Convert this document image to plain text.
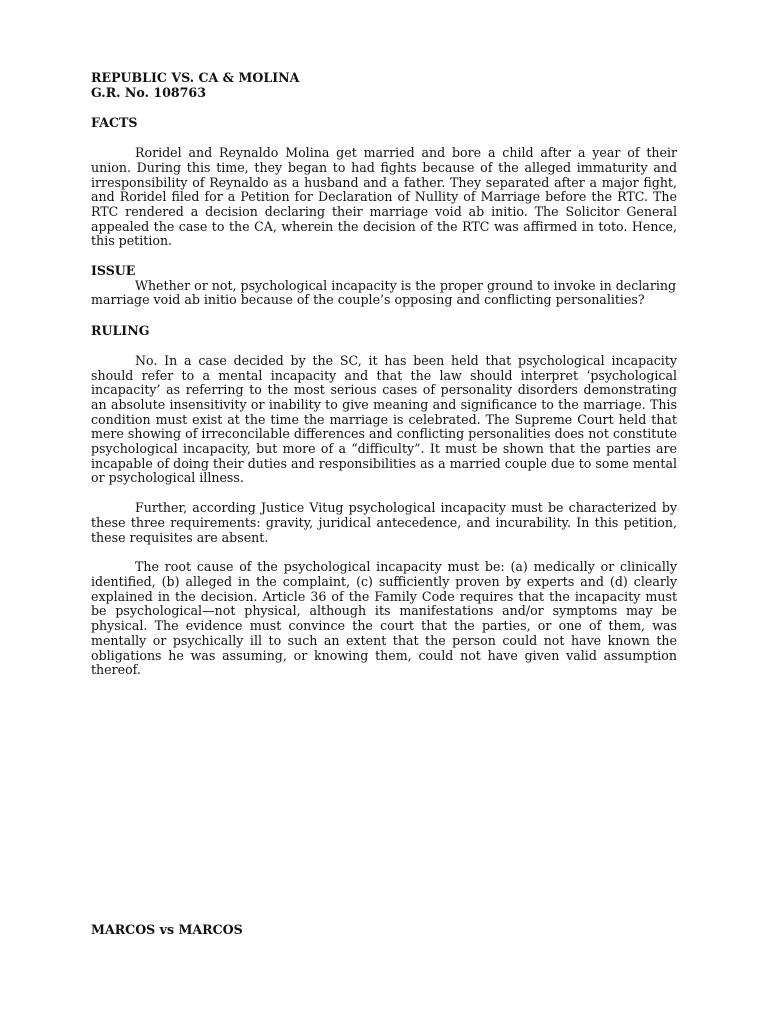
REPUBLIC VS. CA & MOLINA

G.R. No. 108763

FACTS

Roridel and Reynaldo Molina get married and bore a child after a year of their union. During this time, they began to had fights because of the alleged immaturity and irresponsibility of Reynaldo as a husband and a father. They separated after a major fight, and Roridel filed for a Petition for Declaration of Nullity of Marriage before the RTC. The RTC rendered a decision declaring their marriage void ab initio. The Solicitor General appealed the case to the CA, wherein the decision of the RTC was affirmed in toto. Hence, this petition.

ISSUE

Whether or not, psychological incapacity is the proper ground to invoke in declaring marriage void ab initio because of the couple’s opposing and conflicting personalities?

RULING

No. In a case decided by the SC, it has been held that psychological incapacity should refer to a mental incapacity and that the law should interpret ‘psychological incapacity’ as referring to the most serious cases of personality disorders demonstrating an absolute insensitivity or inability to give meaning and significance to the marriage. This condition must exist at the time the marriage is celebrated. The Supreme Court held that mere showing of irreconcilable differences and conflicting personalities does not constitute psychological incapacity, but more of a “difficulty”. It must be shown that the parties are incapable of doing their duties and responsibilities as a married couple due to some mental or psychological illness.

Further, according Justice Vitug psychological incapacity must be characterized by these three requirements: gravity, juridical antecedence, and incurability. In this petition, these requisites are absent.

The root cause of the psychological incapacity must be: (a) medically or clinically identified, (b) alleged in the complaint, (c) sufficiently proven by experts and (d) clearly explained in the decision. Article 36 of the Family Code requires that the incapacity must be psychological—not physical, although its manifestations and/or symptoms may be physical. The evidence must convince the court that the parties, or one of them, was mentally or psychically ill to such an extent that the person could not have known the obligations he was assuming, or knowing them, could not have given valid assumption thereof.

MARCOS vs MARCOS
